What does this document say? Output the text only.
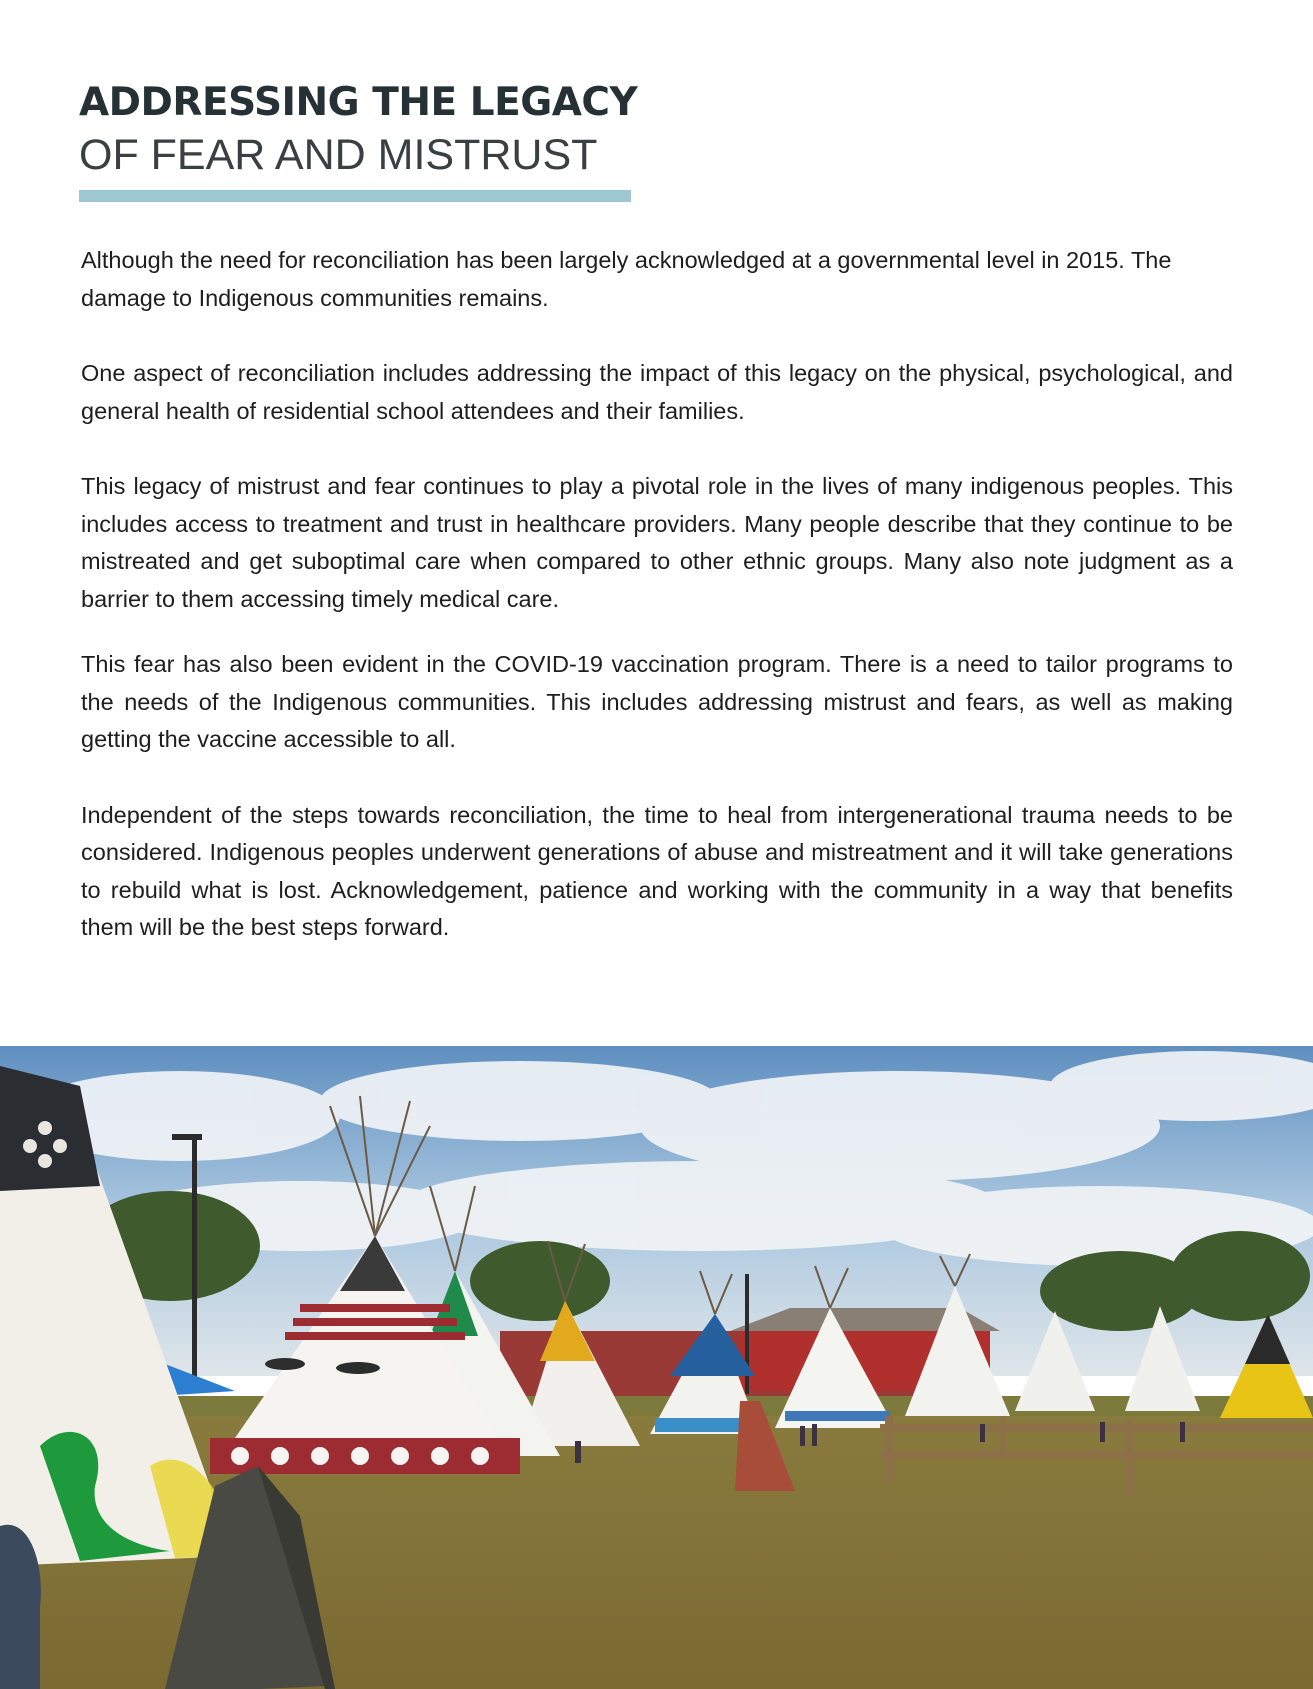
ADDRESSING THE LEGACY
OF FEAR AND MISTRUST

Although the need for reconciliation has been largely acknowledged at a governmental level in 2015. The damage to Indigenous communities remains.

One aspect of reconciliation includes addressing the impact of this legacy on the physical, psychological, and general health of residential school attendees and their families.

This legacy of mistrust and fear continues to play a pivotal role in the lives of many indigenous peoples. This includes access to treatment and trust in healthcare providers. Many people describe that they continue to be mistreated and get suboptimal care when compared to other ethnic groups. Many also note judgment as a barrier to them accessing timely medical care.

This fear has also been evident in the COVID-19 vaccination program. There is a need to tailor programs to the needs of the Indigenous communities. This includes addressing mistrust and fears, as well as making getting the vaccine accessible to all.

Independent of the steps towards reconciliation, the time to heal from intergenerational trauma needs to be considered. Indigenous peoples underwent generations of abuse and mistreatment and it will take generations to rebuild what is lost. Acknowledgement, patience and working with the community in a way that benefits them will be the best steps forward.
